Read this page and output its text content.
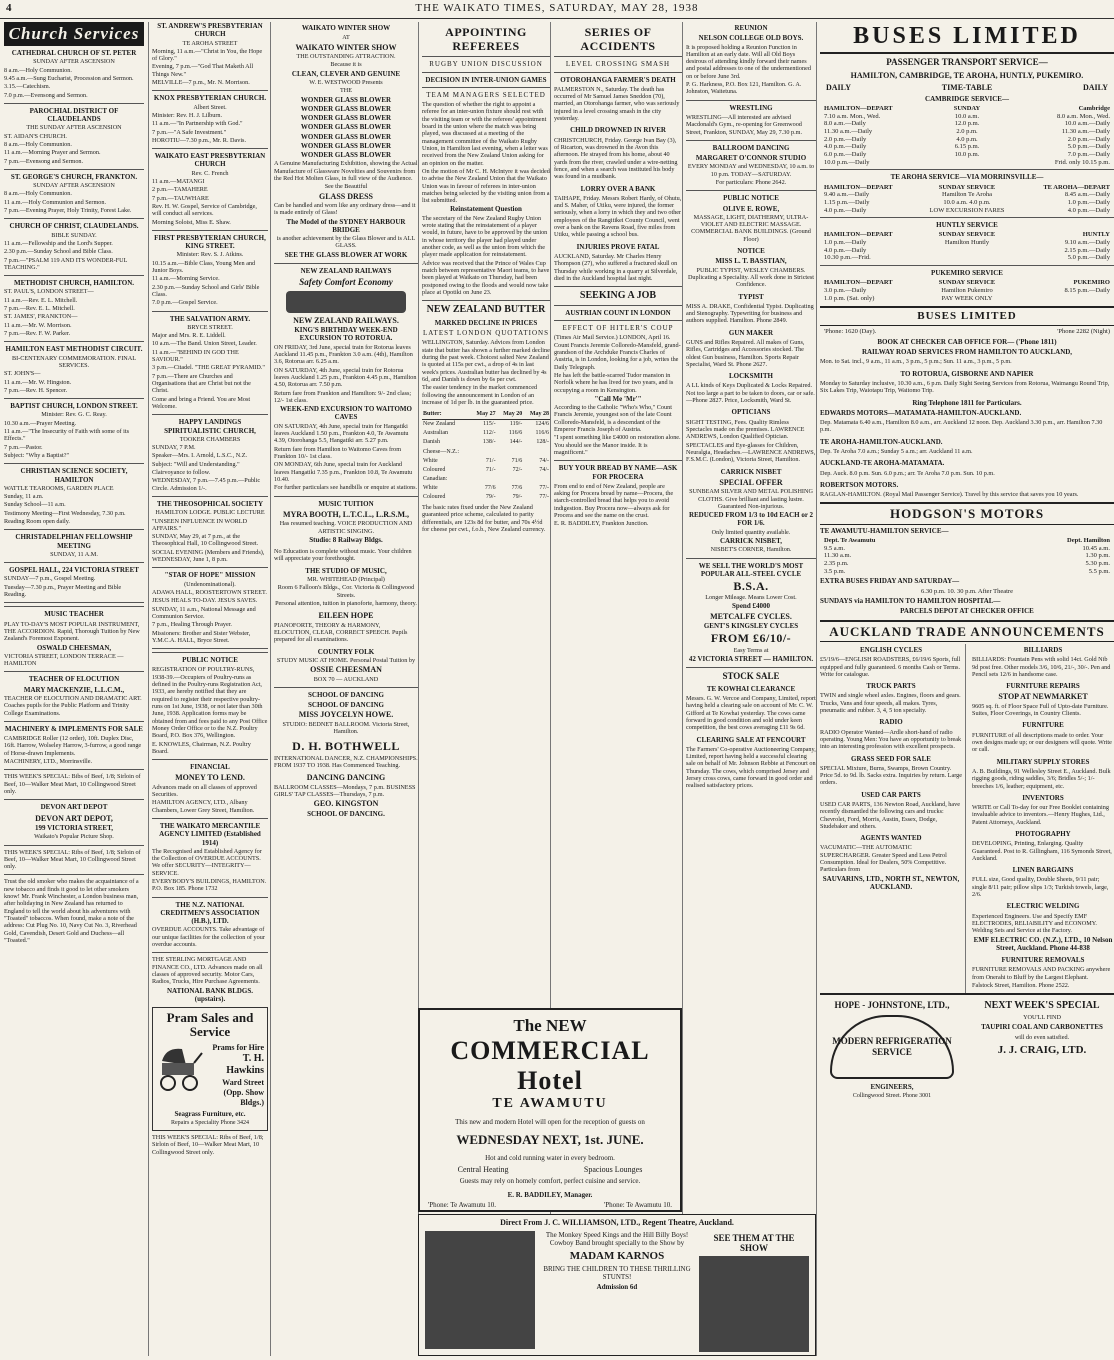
4	THE WAIKATO TIMES, SATURDAY, MAY 28, 1938
Church Services

CATHEDRAL CHURCH OF ST. PETER

SUNDAY AFTER ASCENSION

8 a.m.—Holy Communion.

9.45 a.m.—Sung Eucharist, Procession and Sermon.

3.15.—Catechism.

7.0 p.m.—Evensong and Sermon.

PAROCHIAL DISTRICT OF CLAUDELANDS

THE SUNDAY AFTER ASCENSION

ST. AIDAN'S CHURCH.

8 a.m.—Holy Communion.

11 a.m.—Morning Prayer and Sermon.

7 p.m.—Evensong and Sermon.

ST. GEORGE'S CHURCH, FRANKTON.

SUNDAY AFTER ASCENSION

8 a.m.—Holy Communion.

11 a.m.—Holy Communion and Sermon.

7 p.m.—Evening Prayer, Holy Trinity, Forest Lake.

CHURCH OF CHRIST, CLAUDELANDS.

BIBLE SUNDAY.

11 a.m.—Fellowship and the Lord's Supper.

2.30 p.m.—Sunday School and Bible Class.

7 p.m.—"PSALM 119 AND ITS WONDER-FUL TEACHING."

METHODIST CHURCH, HAMILTON.

ST. PAUL'S, LONDON STREET—

11 a.m.—Rev. E. L. Mitchell.

7 p.m.—Rev. E. L. Mitchell.

ST. JAMES', FRANKTON—

11 a.m.—Mr. W. Morrison.

7 p.m.—Rev. F. W. Parker.

HAMILTON EAST METHODIST CIRCUIT.

BI-CENTENARY COMMEMORATION. FINAL SERVICES.

ST. JOHN'S—

11 a.m.—Mr. W. Hingston.

7 p.m.—Rev. H. Spencer.

BAPTIST CHURCH, LONDON STREET.

Minister: Rev. G. C. Reay.

10.30 a.m.—Prayer Meeting.

11 a.m.—"The Insecurity of Faith with some of its Effects."

7 p.m.—Pastor.

Subject: "Why a Baptist?"

CHRISTIAN SCIENCE SOCIETY, HAMILTON

WATTLE TEAROOMS, GARDEN PLACE

Sunday, 11 a.m.

Sunday School—11 a.m.

Testimony Meeting—First Wednesday, 7.30 p.m.

Reading Room open daily.

CHRISTADELPHIAN FELLOWSHIP MEETING

SUNDAY, 11 A.M.

GOSPEL HALL, 224 VICTORIA STREET

SUNDAY—7 p.m., Gospel Meeting.

Tuesday—7.30 p.m., Prayer Meeting and Bible Reading.

MUSIC TEACHER

PLAY TO-DAY'S MOST POPULAR INSTRUMENT, THE ACCORDION. Rapid, Thorough Tuition by New Zealand's Foremost Exponent.

OSWALD CHEESMAN,

VICTORIA STREET, LONDON TERRACE — HAMILTON

TEACHER OF ELOCUTION

MARY MACKENZIE, L.L.C.M.,

TEACHER OF ELOCUTION AND DRAMATIC ART. Coaches pupils for the Public Platform and Trinity College Examinations.

MACHINERY & IMPLEMENTS FOR SALE

CAMBRIDGE Roller (12 order), 10ft. Duplex Disc, 16ft. Harrow, Wolseley Harrow, 3-furrow, a good range of Horse-drawn Implements.

MACHINERY, LTD., Morrinsville.

THIS WEEK'S SPECIAL: Bibs of Beef, 1/8; Sirloin of Beef, 10—Walker Meat Mart, 10 Collingwood Street only.
DEVON ART DEPOT

DEVON ART DEPOT,

199 VICTORIA STREET,

Waikato's Popular Picture Shop.

THIS WEEK'S SPECIAL: Ribs of Beef, 1/8; Sirloin of Beef, 10—Walker Meat Mart, 10 Collingwood Street only.
Trust the old smoker who makes the acquaintance of a new tobacco and finds it good to let other smokers know! Mr. Frank Winchester, a London business man, after holidaying in New Zealand has returned to England to tell the world about his adventures with "Toasted" tobaccos. When found, make a note of the address: Cut Plug No. 10, Navy Cut No. 3, Riverhead Gold, Cavendish, Desert Gold and Duchess—all "Toasted."

ST. ANDREW'S PRESBYTERIAN CHURCH

TE AROHA STREET

Morning, 11 a.m.—"Christ in You, the Hope of Glory."

Evening, 7 p.m.—"God That Maketh All Things New."

MELVILLE—7 p.m., Mr. N. Morrison.

KNOX PRESBYTERIAN CHURCH.

Albert Street.

Minister: Rev. H. J. Lilburn.

11 a.m.—"In Partnership with God."

7 p.m.—"A Safe Investment."

HOROTIU—7.30 p.m., Mr. R. Davis.

WAIKATO EAST PRESBYTERIAN CHURCH

Rev. C. French

11 a.m.—MATANGI

2 p.m.—TAMAHERE

7 p.m.—TAUWHARE

Rev. H. W. Gospel, Service of Cambridge, will conduct all services.

Morning Soloist, Miss E. Shaw.

FIRST PRESBYTERIAN CHURCH, KING STREET.

Minister: Rev. S. J. Atkins.

10.15 a.m.—Bible Class, Young Men and Junior Boys.

11 a.m.—Morning Service.

2.30 p.m.—Sunday School and Girls' Bible Class.

7.0 p.m.—Gospel Service.

THE SALVATION ARMY.

BRYCE STREET.

Major and Mrs. R. E. Liddell.

10 a.m.—The Band. Union Street, Leader.

11 a.m.—"BEHIND IN GOD THE SAVIOUR."

3 p.m.—Citadel. "THE GREAT PYRAMID."

7 p.m.—There are Churches and Organisations that are Christ but not the Christ.

Come and bring a Friend. You are Most Welcome.

HAPPY LANDINGS SPIRITUALISTIC CHURCH,

TOOKER CHAMBERS

SUNDAY, 7 P.M.

Speaker—Mrs. I. Arnold, L.S.C., N.Z.

Subject: "Will and Understanding."

Clairvoyance to follow.

WEDNESDAY, 7 p.m.—7.45 p.m.—Public Circle. Admission 1/-.

THE THEOSOPHICAL SOCIETY

HAMILTON LODGE. PUBLIC LECTURE

"UNSEEN INFLUENCE IN WORLD AFFAIRS."

SUNDAY, May 29, at 7 p.m., at the Theosophical Hall, 10 Collingwood Street.

SOCIAL EVENING (Members and Friends), WEDNESDAY, June 1, 8 p.m.

"STAR OF HOPE" MISSION

(Undenominational).

ADAWA HALL, ROOSTERTOWN STREET.

JESUS HEALS TO-DAY. JESUS SAVES.

SUNDAY, 11 a.m., National Message and Communion Service.

7 p.m., Healing Through Prayer.

Missioners: Brother and Sister Webster, Y.M.C.A. HALL, Bryce Street.

PUBLIC NOTICE

REGISTRATION OF POULTRY-RUNS, 1938-39.—Occupiers of Poultry-runs as defined in the Poultry-runs Registration Act, 1933, are hereby notified that they are required to register their respective poultry-runs on 1st June, 1938, or not later than 30th June, 1938. Application forms may be obtained from and fees paid to any Post Office Money Order Office or to the N.Z. Poultry Board, P.O. Box 376, Wellington.

E. KNOWLES, Chairman, N.Z. Poultry Board.

FINANCIAL

MONEY TO LEND.

Advances made on all classes of approved Securities.

HAMILTON AGENCY, LTD., Albany Chambers, Lower Grey Street, Hamilton.

THE WAIKATO MERCANTILE AGENCY LIMITED (Established 1914)

The Recognised and Established Agency for the Collection of OVERDUE ACCOUNTS. We offer SECURITY—INTEGRITY—SERVICE.

EVERYBODY'S BUILDINGS, HAMILTON. P.O. Box 185. Phone 1732

THE N.Z. NATIONAL CREDITMEN'S ASSOCIATION (H.B.), LTD.

OVERDUE ACCOUNTS. Take advantage of our unique facilities for the collection of your overdue accounts.

THE STERLING MORTGAGE AND FINANCE CO., LTD. Advances made on all classes of approved security. Motor Cars, Radios, Trucks, Hire Purchase Agreements.

NATIONAL BANK BLDGS. (upstairs).

Pram Sales and Service
Prams for Hire
T. H. Hawkins
Ward Street (Opp. Show Bldgs.)
Seagrass Furniture, etc.
Repairs a Speciality Phone 3424
THIS WEEK'S SPECIAL: Ribs of Beef, 1/8; Sirloin of Beef, 10—Walker Meat Mart, 10 Collingwood Street only.
WAIKATO WINTER SHOW

AT

WAIKATO WINTER SHOW

THE OUTSTANDING ATTRACTION.

Because it is

CLEAN, CLEVER AND GENUINE

W. E. WESTWOOD Presents

THE

WONDER GLASS BLOWER

WONDER GLASS BLOWER

WONDER GLASS BLOWER

WONDER GLASS BLOWER

WONDER GLASS BLOWER

WONDER GLASS BLOWER

WONDER GLASS BLOWER

A Genuine Manufacturing Exhibition, showing the Actual Manufacture of Glassware Novelties and Souvenirs from the Red Hot Molten Glass, in full view of the Audience.

See the Beautiful

GLASS DRESS

Can be handled and worn like any ordinary dress—and it is made entirely of Glass!

The Model of the SYDNEY HARBOUR BRIDGE

is another achievement by the Glass Blower and is ALL GLASS.

SEE THE GLASS BLOWER AT WORK

NEW ZEALAND RAILWAYS
Safety Comfort Economy

NEW ZEALAND RAILWAYS.

KING'S BIRTHDAY WEEK-END EXCURSION TO ROTORUA.

ON FRIDAY, 3rd June, special train for Rotorua leaves Auckland 11.45 p.m., Frankton 3.0 a.m. (4th), Hamilton 3.6, Rotorua arr. 6.25 a.m.

ON SATURDAY, 4th June, special train for Rotorua leaves Auckland 1.25 p.m., Frankton 4.45 p.m., Hamilton 4.50, Rotorua arr. 7.50 p.m.

Return fare from Frankton and Hamilton: 9/- 2nd class; 12/- 1st class.

WEEK-END EXCURSION TO WAITOMO CAVES

ON SATURDAY, 4th June, special train for Hangatiki leaves Auckland 1.50 p.m., Frankton 4.0, Te Awamutu 4.39, Otorohanga 5.5, Hangatiki arr. 5.27 p.m.

Return fare from Hamilton to Waitomo Caves from Frankton 10/- 1st class.

ON MONDAY, 6th June, special train for Auckland leaves Hangatiki 7.35 p.m., Frankton 10.8, Te Awamutu 10.40.

For further particulars see handbills or enquire at stations.

MUSIC TUITION

MYRA BOOTH, L.T.C.L., L.R.S.M.,

Has resumed teaching. VOICE PRODUCTION AND ARTISTIC SINGING.

Studio: 8 Railway Bldgs.

No Education is complete without music. Your children will appreciate your forethought.

THE STUDIO OF MUSIC,

MR. WHITEHEAD (Principal)

Room 6 Falloon's Bldgs., Cor. Victoria & Collingwood Streets.

Personal attention, tuition in pianoforte, harmony, theory.

EILEEN HOPE

PIANOFORTE, THEORY & HARMONY, ELOCUTION, CLEAR, CORRECT SPEECH. Pupils prepared for all examinations.

COUNTRY FOLK

STUDY MUSIC AT HOME. Personal Postal Tuition by

OSSIE CHEESMAN

BOX 70 — AUCKLAND

SCHOOL OF DANCING

SCHOOL OF DANCING

MISS JOYCELYN HOWE.

STUDIO: BEDNET BALLROOM. Victoria Street, Hamilton.

D. H. BOTHWELL

INTERNATIONAL DANCER, N.Z. CHAMPIONSHIPS. FROM 1937 TO 1938. Has Commenced Teaching.

DANCING DANCING

BALLROOM CLASSES—Mondays, 7 p.m. BUSINESS GIRLS' TAP CLASSES—Thursdays, 7 p.m.

GEO. KINGSTON

SCHOOL OF DANCING.

APPOINTING REFEREES
RUGBY UNION DISCUSSION
DECISION IN INTER-UNION GAMES
TEAM MANAGERS SELECTED

The question of whether the right to appoint a referee for an inter-union fixture should rest with the visiting team or with the referees' appointment board in the union where the match was being played, was discussed at a meeting of the management committee of the Waikato Rugby Union, in Hamilton last evening, when a letter was received from the New Zealand Union asking for an opinion on the matter.

On the motion of Mr C. H. McIntyre it was decided to advise the New Zealand Union that the Waikato Union was in favour of referees in inter-union matches being selected by the visiting union from a list submitted.

Reinstatement Question

The secretary of the New Zealand Rugby Union wrote stating that the reinstatement of a player would, in future, have to be approved by the union in whose territory the player had played under another code, as well as the union from which the player made application for reinstatement.

Advice was received that the Prince of Wales Cup match between representative Maori teams, to have been played at Waikato on Thursday, had been postponed owing to the floods and would now take place at Opotiki on June 23.

NEW ZEALAND BUTTER
MARKED DECLINE IN PRICES
LATEST LONDON QUOTATIONS

WELLINGTON, Saturday. Advices from London state that butter has shown a further marked decline during the past week. Choicest salted New Zealand is quoted at 115s per cwt., a drop of 4s in last week's prices. Australian butter has declined by 4s 6d, and Danish is down by 6s per cwt.

The easier tendency in the market commenced following the announcement in London of an increase of 1d per lb. in the guaranteed price.

Butter:	May 27	May 20	May 28
New Zealand	115/-	119/-	124/6
Australian	112/-	116/6	116/6
Danish	138/-	144/-	128/-
Cheese—N.Z.:			
White	71/-	71/6	74/-
Coloured	71/-	72/-	74/-
Canadian:			
White	77/6	77/6	77/-
Coloured	79/-	79/-	77/-
The basic rates fixed under the New Zealand guaranteed price scheme, calculated to parity differentials, are 123s 8d for butter, and 70s 4½d for cheese per cwt., f.o.b., New Zealand currency.
SERIES OF ACCIDENTS
LEVEL CROSSING SMASH
OTOROHANGA FARMER'S DEATH
PALMERSTON N., Saturday. The death has occurred of Mr Samuel James Sneddon (70), married, an Otorohanga farmer, who was seriously injured in a level crossing smash in the city yesterday.
CHILD DROWNED IN RIVER
CHRISTCHURCH, Friday. George Ivan Bay (3), of Ricarton, was drowned in the Avon this afternoon. He strayed from his home, about 40 yards from the river, crawled under a wire-netting fence, and when a search was instituted his body was found in a mudbank.
LORRY OVER A BANK
TAIHAPE, Friday. Messrs Robert Hardy, of Ohutu, and S. Maher, of Utiku, were injured, the former seriously, when a lorry in which they and two other employees of the Rangitikei County Council, went over a bank on the Ravens Road, five miles from Utiku, while passing a school bus.
INJURIES PROVE FATAL
AUCKLAND, Saturday. Mr Charles Henry Thompson (27), who suffered a fractured skull on Thursday while working in a quarry at Silverdale, died in the Auckland hospital last night.
SEEKING A JOB
AUSTRIAN COUNT IN LONDON
EFFECT OF HITLER'S COUP

(Times Air Mail Service.) LONDON, April 16. Count Francis Jeremie Colloredo-Mansfeld, grand-grandson of the Archduke Francis Charles of Austria, is in London, looking for a job, writes the Daily Telegraph.

He has left the battle-scarred Tudor mansion in Norfolk where he has lived for two years, and is occupying a room in Kensington.

"Call Me 'Mr'"

According to the Catholic "Who's Who," Count Francis Jeremie, youngest son of the late Count Colloredo-Mansfeld, is a descendant of the Emperor Francis Joseph of Austria.

"I spent something like £4000 on restoration alone. You should see the Manor inside. It is magnificent."

BUY YOUR BREAD BY NAME—ASK FOR PROCERA

From end to end of New Zealand, people are asking for Procera bread by name—Procera, the starch-controlled bread that helps you to avoid indigestion. Buy Procera now—always ask for Procera and see the name on the crust.

E. R. BADDILEY, Frankton Junction.

REUNION

NELSON COLLEGE OLD BOYS.

It is proposed holding a Reunion Function in Hamilton at an early date. Will all Old Boys desirous of attending kindly forward their names and postal addresses to one of the undermentioned on or before June 3rd.

P. G. Harkness, P.O. Box 121, Hamilton. G. A. Johnston, Waitetuna.

WRESTLING
WRESTLING—All interested are advised Macdonald's Gym., re-opening for Greenwood Street, Frankton, SUNDAY, May 29, 7.30 p.m.
BALLROOM DANCING

MARGARET O'CONNOR STUDIO

EVERY MONDAY and WEDNESDAY, 10 a.m. to 10 p.m. TODAY—SATURDAY.

For particulars: Phone 2642.

PUBLIC NOTICE

OLIVE E. ROWE,

MASSAGE, LIGHT, DIATHERMY, ULTRA-VIOLET AND ELECTRIC MASSAGE. COMMERCIAL BANK BUILDINGS. (Ground Floor)

NOTICE

MISS L. T. BASSTIAN,

PUBLIC TYPIST, WESLEY CHAMBERS. Duplicating a Speciality. All work done in Strictest Confidence.

TYPIST
MISS A. DRAKE, Confidential Typist. Duplicating and Stenography. Typewriting for business and authors supplied. Hamilton. Phone 2849.
GUN MAKER
GUNS and Rifles Repaired. All makes of Guns, Rifles, Cartridges and Accessories stocked. The oldest Gun business, Hamilton. Sports Repair Specialist, Ward St. Phone 2627.
LOCKSMITH
A LL kinds of Keys Duplicated & Locks Repaired. Not too large a part to be taken to doors, car or safe.—Phone 2827. Price, Locksmith, Ward St.
OPTICIANS

SIGHT TESTING, Fees. Quality Rimless Spectacles made on the premises. LAWRENCE ANDREWS, London Qualified Optician.

SPECTACLES and Eye-glasses for Children, Neuralgia, Headaches.—LAWRENCE ANDREWS, F.S.M.C. (London), Victoria Street, Hamilton.

CARRICK NISBET

SPECIAL OFFER

SUNBEAM SILVER AND METAL POLISHING CLOTHS. Give brilliant and lasting lustre. Guaranteed Non-injurious.

REDUCED FROM 1/3 to 10d EACH or 2 FOR 1/6.

Only limited quantity available.

CARRICK NISBET,

NISBET'S CORNER, Hamilton.

WE SELL THE WORLD'S MOST POPULAR ALL-STEEL CYCLE

B.S.A.

Longer Mileage. Means Lower Cost.

Spend £4000

METCALFE CYCLES.

GENT'S KINGSLEY CYCLES

FROM £6/10/-

Easy Terms at

42 VICTORIA STREET — HAMILTON.

STOCK SALE
TE KOWHAI CLEARANCE
Messrs. G. W. Vercoe and Company, Limited, report having held a clearing sale on account of Mr. C. W. Gifford at Te Kowhai yesterday. The cows came forward in good condition and sold under keen competition, the best cows averaging £11 9s 6d.
CLEARING SALE AT FENCOURT
The Farmers' Co-operative Auctioneering Company, Limited, report having held a successful clearing sale on behalf of Mr. Johnson Rebbie at Fencourt on Thursday. The cows, which comprised Jersey and Jersey cross cows, came forward in good order and realised satisfactory prices.
BUSES LIMITED
PASSENGER TRANSPORT SERVICE—
HAMILTON, CAMBRIDGE, TE AROHA, HUNTLY, PUKEMIRO.
DAILY	TIME-TABLE	DAILY
CAMBRIDGE SERVICE—
HAMILTON—DEPART	SUNDAY	Cambridge
7.10 a.m. Mon., Wed.	10.0 a.m.	8.0 a.m. Mon., Wed.
8.0 a.m.—Daily	12.0 p.m.	10.0 a.m.—Daily
11.30 a.m.—Daily	2.0 p.m.	11.30 a.m.—Daily
2.0 p.m.—Daily	4.0 p.m.	2.0 p.m.—Daily
4.0 p.m.—Daily	6.15 p.m.	5.0 p.m.—Daily
6.0 p.m.—Daily	10.0 p.m.	7.0 p.m.—Daily
10.0 p.m.—Daily	Frid. only 10.15 p.m.
TE AROHA SERVICE—VIA MORRINSVILLE—
HAMILTON—DEPART	SUNDAY SERVICE	TE AROHA—DEPART
9.40 a.m.—Daily	Hamilton Te Aroha	8.45 a.m.—Daily
1.15 p.m.—Daily	10.0 a.m. 4.0 p.m.	1.0 p.m.—Daily
4.0 p.m.—Daily	LOW EXCURSION FARES	4.0 p.m.—Daily
HUNTLY SERVICE
HAMILTON—DEPART	SUNDAY SERVICE	HUNTLY
1.0 p.m.—Daily	Hamilton Huntly	9.10 a.m.—Daily
4.0 p.m.—Daily	2.15 p.m.—Daily
10.30 p.m.—Frid.	5.0 p.m.—Daily
PUKEMIRO SERVICE
HAMILTON—DEPART	SUNDAY SERVICE	PUKEMIRO
3.0 p.m.—Daily	Hamilton Pukemiro	8.15 p.m.—Daily
1.0 p.m. (Sat. only)	PAY WEEK ONLY
BUSES LIMITED
'Phone: 1620 (Day).	'Phone 2282 (Night)
BOOK AT CHECKER CAB OFFICE FOR— ('Phone 1811)
RAILWAY ROAD SERVICES FROM HAMILTON TO AUCKLAND,
Mon. to Sat. incl., 9 a.m., 11 a.m., 3 p.m., 5 p.m.; Sun. 11 a.m., 3 p.m., 5 p.m.
TO ROTORUA, GISBORNE AND NAPIER
Monday to Saturday inclusive, 10.30 a.m., 6 p.m. Daily Sight Seeing Services from Rotorua, Waimangu Round Trip, Six Lakes Trip, Waiotapu Trip, Waitomo Trip.
Ring Telephone 1811 for Particulars.
EDWARDS MOTORS—MATAMATA-HAMILTON-AUCKLAND.
Dep. Matamata 6.40 a.m., Hamilton 8.0 a.m., arr. Auckland 12 noon. Dep. Auckland 3.30 p.m., arr. Hamilton 7.30 p.m.
TE AROHA-HAMILTON-AUCKLAND.
Dep. Te Aroha 7.0 a.m.; Sunday 5 a.m.; arr. Auckland 11 a.m.
AUCKLAND-TE AROHA-MATAMATA.
Dep. Auck. 8.0 p.m. Sun. 6.0 p.m.; arr. Te Aroha 7.0 p.m. Sun. 10 p.m.
ROBERTSON MOTORS.
RAGLAN-HAMILTON. (Royal Mail Passenger Service). Travel by this service that saves you 10 years.
HODGSON'S MOTORS
TE AWAMUTU-HAMILTON SERVICE—
Dept. Te Awamutu	Dept. Hamilton
9.5 a.m.	10.45 a.m.
11.30 a.m.	1.30 p.m.
2.35 p.m.	5.30 p.m.
3.5 p.m.	5.5 p.m.
EXTRA BUSES FRIDAY AND SATURDAY—
6.30 p.m. 10. 30 p.m. After Theatre
SUNDAYS via HAMILTON TO HAMILTON HOSPITAL—
PARCELS DEPOT AT CHECKER OFFICE
AUCKLAND TRADE ANNOUNCEMENTS
ENGLISH CYCLES
£5/19/6—ENGLISH ROADSTERS, £6/19/6 Sports, full equipped and fully guaranteed. 6 months Cash or Terms. Write for catalogue.
TRUCK PARTS
TWIN and single wheel axles. Engines, floors and gears. Trucks, Vans and four speeds, all makes. Tyres, pneumatic and rubber. 3, 4, 5 ton specialty.
RADIO
RADIO Operator Wanted—Ardle short-hand of radio operating. Young Men: You have an opportunity to break into an interesting profession with excellent prospects.
GRASS SEED FOR SALE
SPECIAL Mixture, Burns, Swamps, Brown Country. Price 5d. to 9d. lb. Sacks extra. Inquiries by return. Large orders.
USED CAR PARTS
USED CAR PARTS, 136 Newton Road, Auckland, have recently dismantled the following cars and trucks: Chevrolet, Ford, Morris, Austin, Essex, Dodge, Studebaker and others.
AGENTS WANTED

VACUMATIC—THE AUTOMATIC SUPERCHARGER. Greater Speed and Less Petrol Consumption. Ideal for Dealers, 50% Competitive. Particulars from

SAUVARINS, LTD., NORTH ST., NEWTON, AUCKLAND.

BILLIARDS
BILLIARDS: Fountain Pens with solid 14ct. Gold Nib 9d post free. Other models 3/6, 10/6, 21/-, 30/-. Pen and Pencil sets 12/6 in handsome case.
FURNITURE REPAIRS

STOP AT NEWMARKET

9605 sq. ft. of Floor Space Full of Upto-date Furniture. Suites, Floor Coverings, in Country Clients.

FURNITURE
FURNITURE of all descriptions made to order. Your own designs made up; or our designers will quote. Write or call.
MILITARY SUPPLY STORES
A. B. Buildings, 91 Wellesley Street E., Auckland. Bulk rigging goods, riding saddles, 3/6; Bridles 5/-; 1/- breeches 1/6, leather; equipment, etc.
INVENTORS
WRITE or Call To-day for our Free Booklet containing invaluable advice to inventors.—Henry Hughes, Ltd., Patent Attorneys, Auckland.
PHOTOGRAPHY
DEVELOPING, Printing, Enlarging. Quality Guaranteed. Post to R. Gillingham, 116 Symonds Street, Auckland.
LINEN BARGAINS
FULL size, Good quality, Double Sheets, 9/11 pair; single 8/11 pair; pillow slips 1/3; Turkish towels, large, 2/6.
ELECTRIC WELDING

Experienced Engineers. Use and Specify EMF ELECTRODES, RELIABILITY and ECONOMY. Welding Sets and Service at the Factory.

EMF ELECTRIC CO. (N.Z.), LTD., 10 Nelson Street, Auckland. Phone 44-838

FURNITURE REMOVALS

FURNITURE REMOVALS AND PACKING anywhere from Onerahi to Bluff by the Largest Elephant.

Falstock Street, Hamilton. Phone 2522.

HOPE - JOHNSTONE, LTD.,
MODERN REFRIGERATION SERVICE
ENGINEERS,
Collingwood Street. Phone 3001
NEXT WEEK'S SPECIAL
YOU'LL FIND
TAUPIRI COAL AND CARBONETTES
will do even satisfied.
J. J. CRAIG, LTD.
The NEW
COMMERCIAL Hotel
TE AWAMUTU
This new and modern Hotel will open for the reception of guests on
WEDNESDAY NEXT, 1st. JUNE.
Hot and cold running water in every bedroom.
Central Heating	Spacious Lounges
Guests may rely on homely comfort, perfect cuisine and service.
E. R. BADDILEY, Manager.
'Phone: Te Awamutu 10.	'Phone: Te Awamutu 10.
Direct From J. C. WILLIAMSON, LTD., Regent Theatre, Auckland.
The Monkey Speed Kings and the Hill Billy Boys! Cowboy Band brought specially to the Show by
MADAM KARNOS
BRING THE CHILDREN TO THESE THRILLING STUNTS!
Admission 6d
SEE THEM AT THE SHOW
